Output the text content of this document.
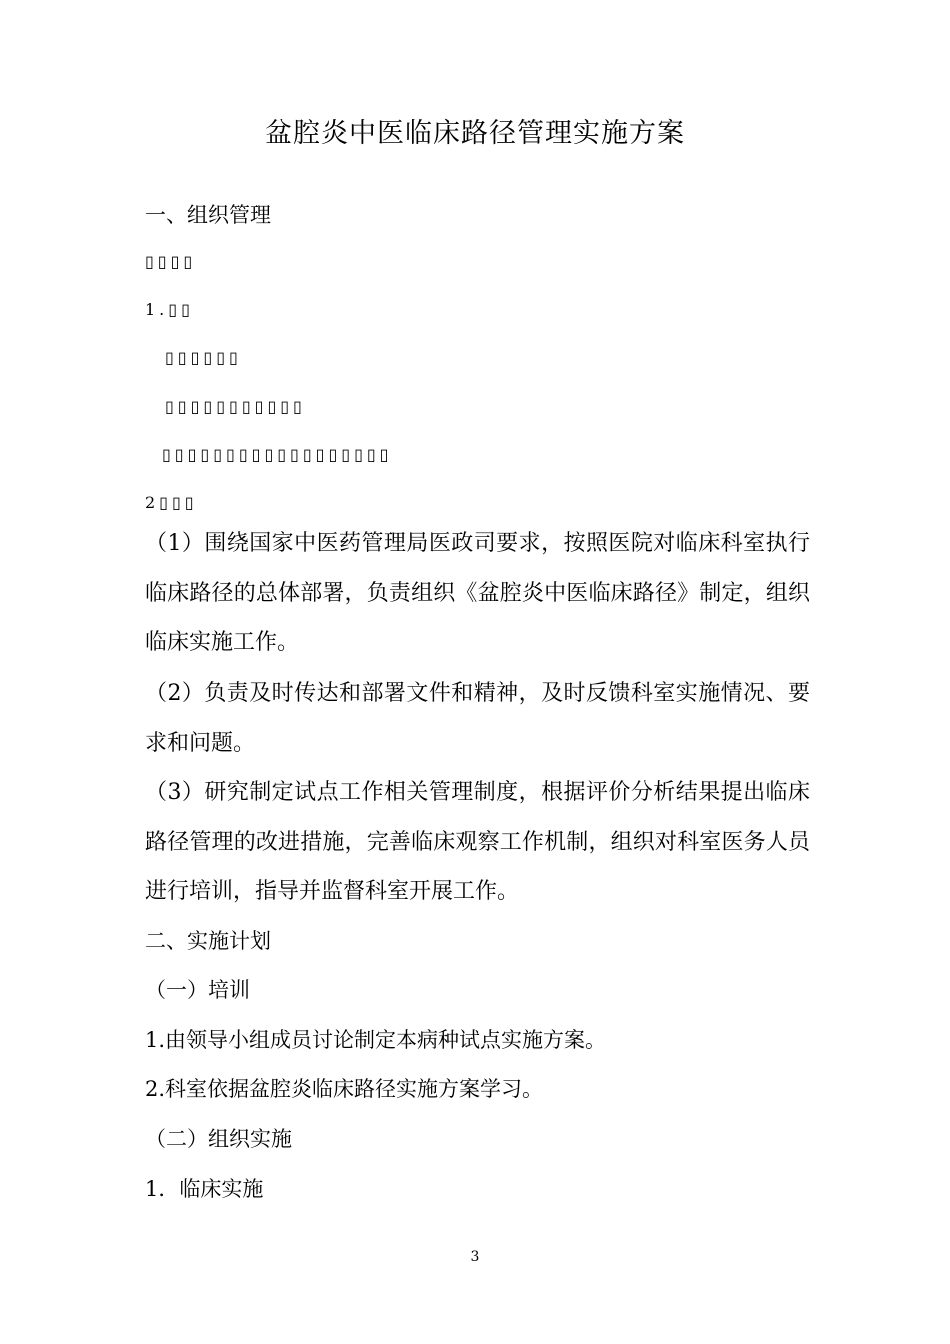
盆腔炎中医临床路径管理实施方案
一、组织管理
▯▯▯▯
1.▯▯
▯▯▯▯▯▯
▯▯▯▯▯▯▯▯▯▯▯
▯▯▯▯▯▯▯▯▯▯▯▯▯▯▯▯▯▯
2▯▯▯

（1）围绕国家中医药管理局医政司要求，按照医院对临床科室执行临床路径的总体部署，负责组织《盆腔炎中医临床路径》制定，组织临床实施工作。

（2）负责及时传达和部署文件和精神，及时反馈科室实施情况、要求和问题。

（3）研究制定试点工作相关管理制度，根据评价分析结果提出临床路径管理的改进措施，完善临床观察工作机制，组织对科室医务人员进行培训，指导并监督科室开展工作。

二、实施计划
（一）培训
1.由领导小组成员讨论制定本病种试点实施方案。
2.科室依据盆腔炎临床路径实施方案学习。
（二）组织实施
1．临床实施
3
